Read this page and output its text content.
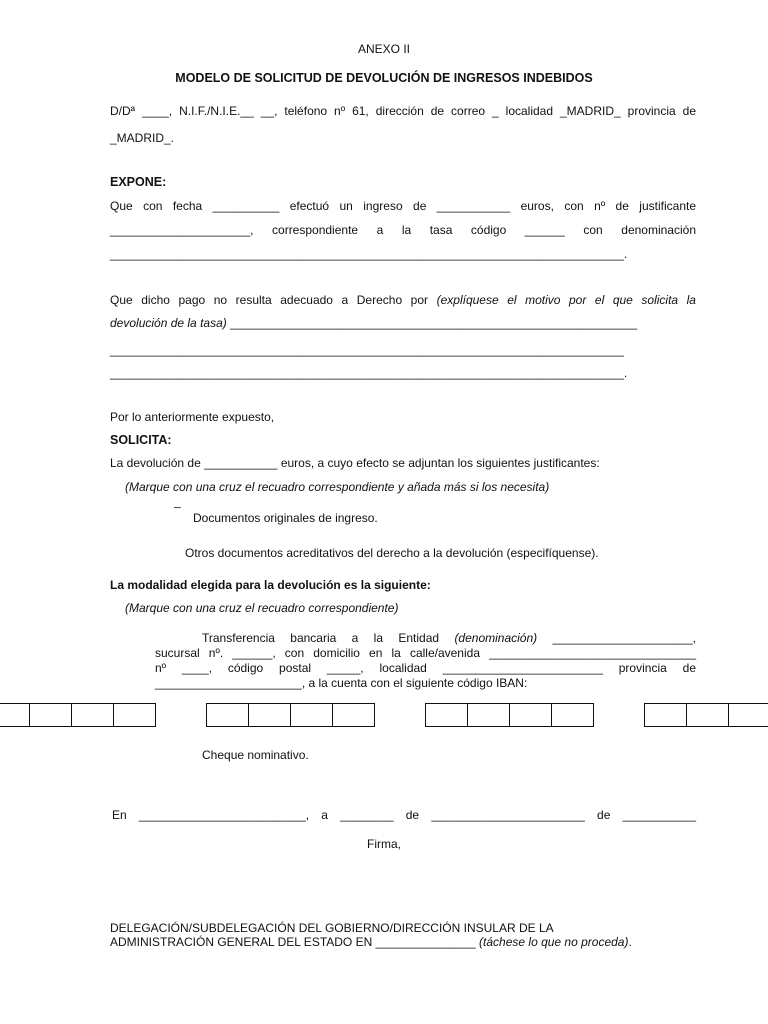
ANEXO II
MODELO DE SOLICITUD DE DEVOLUCIÓN DE INGRESOS INDEBIDOS
D/Dª ____, N.I.F./N.I.E.__ __, teléfono nº 61, dirección de correo _ localidad _MADRID_ provincia de
_MADRID_.
EXPONE:
Que con fecha __________ efectuó un ingreso de ___________ euros, con nº de justificante
_____________________, correspondiente a la tasa código ______ con denominación
_____________________________________________________________________________.
Que dicho pago no resulta adecuado a Derecho por (explíquese el motivo por el que solicita la
devolución de la tasa) _____________________________________________________________
_____________________________________________________________________________
_____________________________________________________________________________.
Por lo anteriormente expuesto,
SOLICITA:
La devolución de ___________ euros, a cuyo efecto se adjuntan los siguientes justificantes:
(Marque con una cruz el recuadro correspondiente y añada más si los necesita)
˜˜ Documentos originales de ingreso.
Otros documentos acreditativos del derecho a la devolución (especifíquense).
La modalidad elegida para la devolución es la siguiente:
(Marque con una cruz el recuadro correspondiente)
Transferencia bancaria a la Entidad (denominación) _____________________,
sucursal nº. ______, con domicilio en la calle/avenida _______________________________
nº ____, código postal _____, localidad ________________________ provincia de
______________________, a la cuenta con el siguiente código IBAN:
Cheque nominativo.
En _________________________, a ________ de _______________________ de ___________
Firma,
DELEGACIÓN/SUBDELEGACIÓN DEL GOBIERNO/DIRECCIÓN INSULAR DE LA
ADMINISTRACIÓN GENERAL DEL ESTADO EN _______________ (táchese lo que no proceda).
